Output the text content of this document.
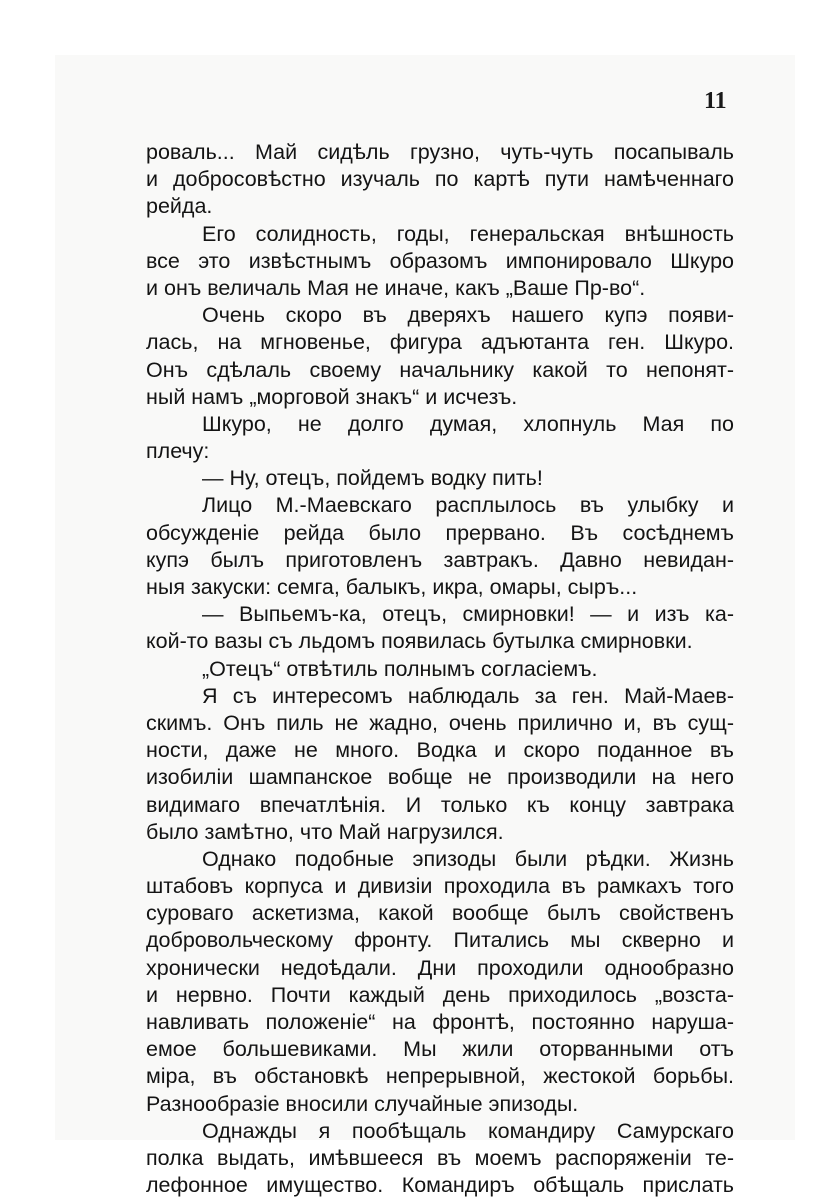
11
роваль... Май сидѣль грузно, чуть-чуть посапываль
и добросовѣстно изучаль по картѣ пути намѣченнаго
рейда.
Его солидность, годы, генеральская внѣшность
все это извѣстнымъ образомъ импонировало Шкуро
и онъ величаль Мая не иначе, какъ „Ваше Пр-во“.
Очень скоро въ дверяхъ нашего купэ появи-
лась, на мгновенье, фигура адъютанта ген. Шкуро.
Онъ сдѣлаль своему начальнику какой то непонят-
ный намъ „морговой знакъ“ и исчезъ.
Шкуро, не долго думая, хлопнуль Мая по
плечу:
— Ну, отецъ, пойдемъ водку пить!
Лицо М.-Маевскаго расплылось въ улыбку и
обсужденіе рейда было прервано. Въ сосѣднемъ
купэ былъ приготовленъ завтракъ. Давно невидан-
ныя закуски: семга, балыкъ, икра, омары, сыръ...
— Выпьемъ-ка, отецъ, смирновки! — и изъ ка-
кой-то вазы съ льдомъ появилась бутылка смирновки.
„Отецъ“ отвѣтиль полнымъ согласіемъ.
Я съ интересомъ наблюдаль за ген. Май-Маев-
скимъ. Онъ пиль не жадно, очень прилично и, въ сущ-
ности, даже не много. Водка и скоро поданное въ
изобиліи шампанское вобще не производили на него
видимаго впечатлѣнія. И только къ концу завтрака
было замѣтно, что Май нагрузился.
Однако подобные эпизоды были рѣдки. Жизнь
штабовъ корпуса и дивизіи проходила въ рамкахъ того
суроваго аскетизма, какой вообще былъ свойственъ
добровольческому фронту. Питались мы скверно и
хронически недоѣдали. Дни проходили однообразно
и нервно. Почти каждый день приходилось „возста-
навливать положеніе“ на фронтѣ, постоянно наруша-
емое большевиками. Мы жили оторванными отъ
міра, въ обстановкѣ непрерывной, жестокой борьбы.
Разнообразіе вносили случайные эпизоды.
Однажды я пообѣщаль командиру Самурскаго
полка выдать, имѣвшееся въ моемъ распоряженіи те-
лефонное имущество. Командиръ обѣщаль прислать
